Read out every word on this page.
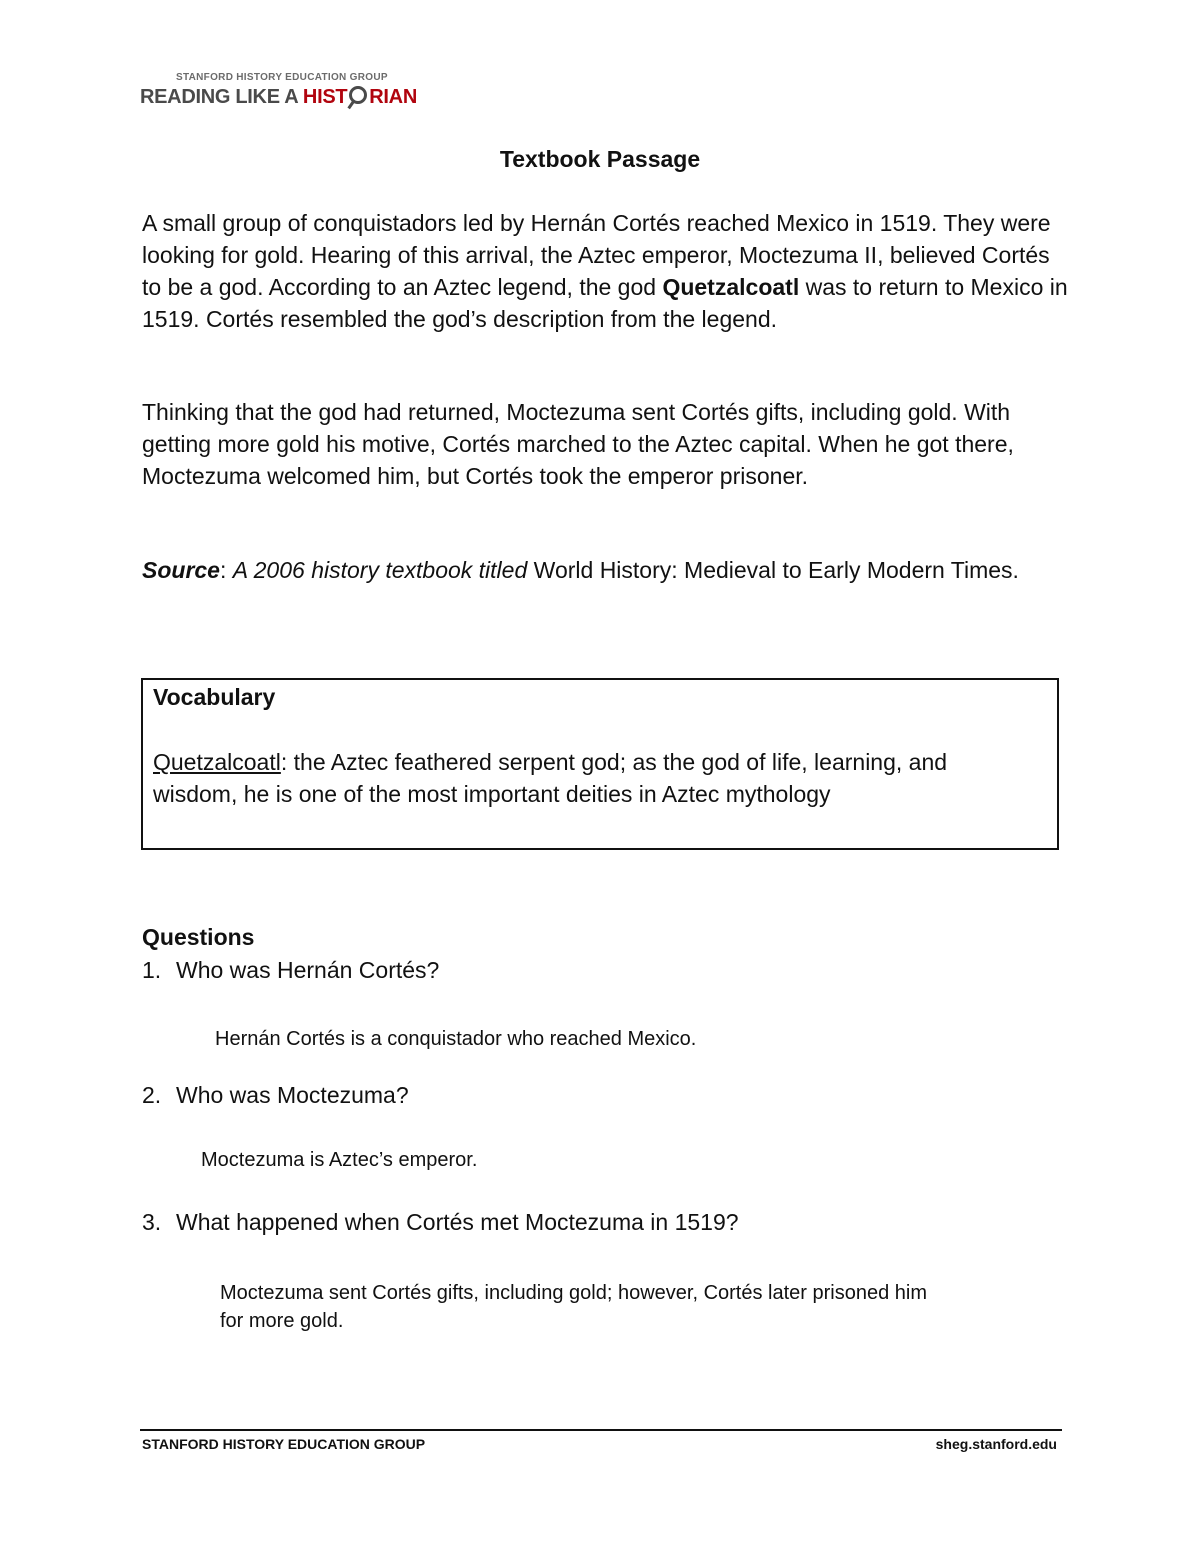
STANFORD HISTORY EDUCATION GROUP
READING LIKE A HIST RIAN
Textbook Passage

A small group of conquistadors led by Hernán Cortés reached Mexico in 1519. They were looking for gold. Hearing of this arrival, the Aztec emperor, Moctezuma II, believed Cortés to be a god. According to an Aztec legend, the god Quetzalcoatl was to return to Mexico in 1519. Cortés resembled the god’s description from the legend.

Thinking that the god had returned, Moctezuma sent Cortés gifts, including gold. With getting more gold his motive, Cortés marched to the Aztec capital. When he got there, Moctezuma welcomed him, but Cortés took the emperor prisoner.

Source: A 2006 history textbook titled World History: Medieval to Early Modern Times.

Vocabulary
Quetzalcoatl: the Aztec feathered serpent god; as the god of life, learning, and wisdom, he is one of the most important deities in Aztec mythology
Questions
1. Who was Hernán Cortés?
Hernán Cortés is a conquistador who reached Mexico.
2. Who was Moctezuma?
Moctezuma is Aztec’s emperor.
3. What happened when Cortés met Moctezuma in 1519?
Moctezuma sent Cortés gifts, including gold; however, Cortés later prisoned him for more gold.
STANFORD HISTORY EDUCATION GROUP	sheg.stanford.edu
